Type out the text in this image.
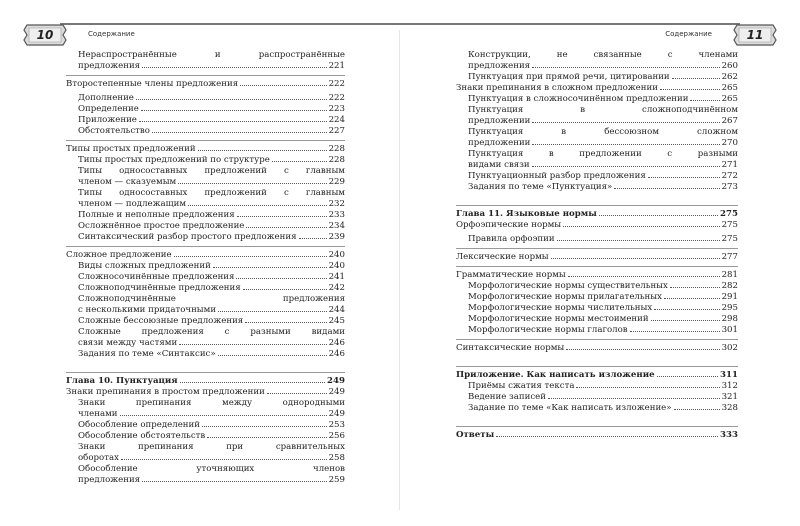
10	Содержание
Нераспространённые и распространённые
предложения	221
Второстепенные члены предложения	222
Дополнение	222
Определение	223
Приложение	224
Обстоятельство	227
Типы простых предложений	228
Типы простых предложений по структуре	228
Типы односоставных предложений с главным
членом — сказуемым	229
Типы односоставных предложений с главным
членом — подлежащим	232
Полные и неполные предложения	233
Осложнённое простое предложение	234
Синтаксический разбор простого предложения	239
Сложное предложение	240
Виды сложных предложений	240
Сложносочинённые предложения	241
Сложноподчинённые предложения	242
Сложноподчинённые предложения
с несколькими придаточными	244
Сложные бессоюзные предложения	245
Сложные предложения с разными видами
связи между частями	246
Задания по теме «Синтаксис»	246
Глава 10. Пунктуация	249
Знаки препинания в простом предложении	249
Знаки препинания между однородными
членами	249
Обособление определений	253
Обособление обстоятельств	256
Знаки препинания при сравнительных
оборотах	258
Обособление уточняющих членов
предложения	259
11
Содержание
Конструкции, не связанные с членами
предложения	260
Пунктуация при прямой речи, цитировании	262
Знаки препинания в сложном предложении	265
Пунктуация в сложносочинённом предложении	265
Пунктуация в сложноподчинённом
предложении	267
Пунктуация в бессоюзном сложном
предложении	270
Пунктуация в предложении с разными
видами связи	271
Пунктуационный разбор предложения	272
Задания по теме «Пунктуация»	273
Глава 11. Языковые нормы	275
Орфоэпические нормы	275
Правила орфоэпии	275
Лексические нормы	277
Грамматические нормы	281
Морфологические нормы существительных	282
Морфологические нормы прилагательных	291
Морфологические нормы числительных	295
Морфологические нормы местоимений	298
Морфологические нормы глаголов	301
Синтаксические нормы	302
Приложение. Как написать изложение	311
Приёмы сжатия текста	312
Ведение записей	321
Задание по теме «Как написать изложение»	328
Ответы	333
